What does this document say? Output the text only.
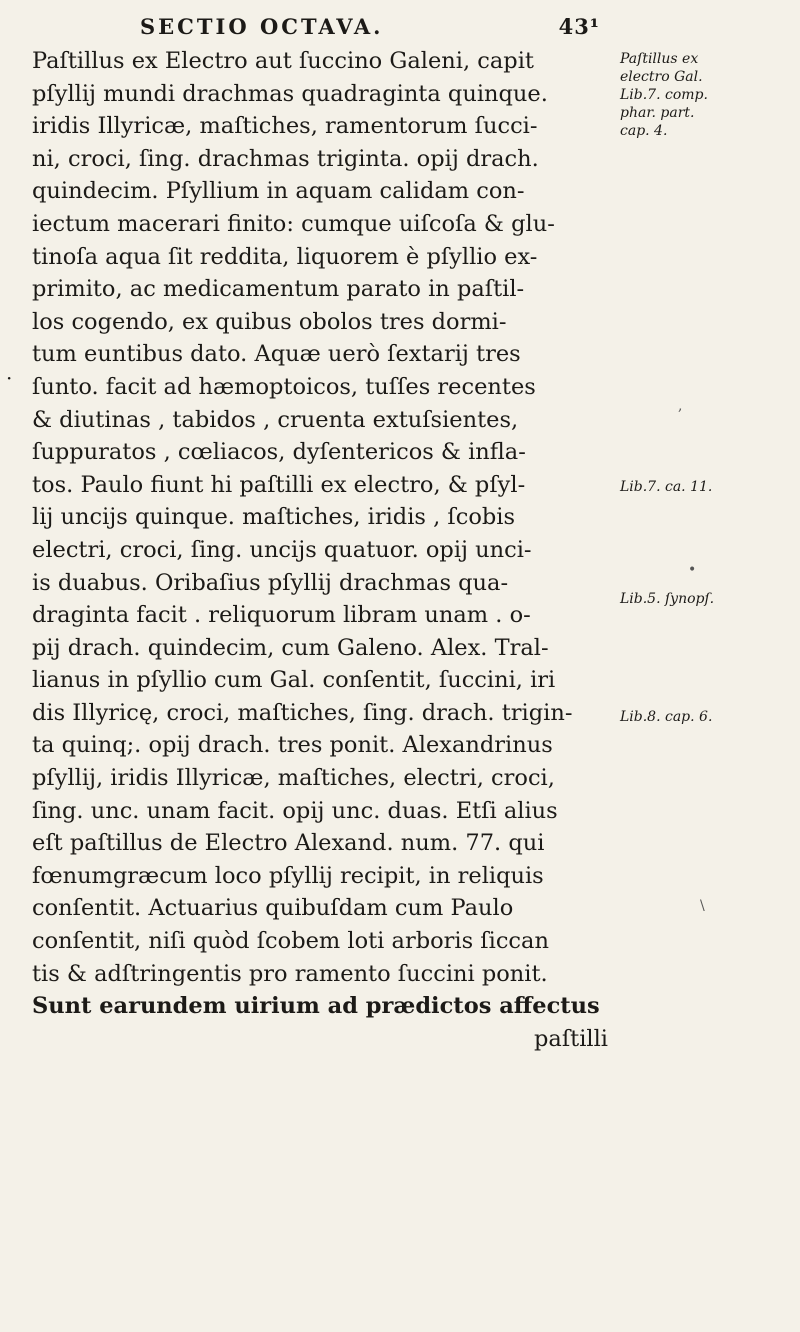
SECTIO OCTAVA.	43¹
Paſtillus ex Electro aut ſuccino Galeni, capit
pſyllij mundi drachmas quadraginta quinque.
iridis Illyricæ, maſtiches, ramentorum ſucci-
ni, croci, ſing. drachmas triginta. opij drach.
quindecim. Pſyllium in aquam calidam con-
iectum macerari finito: cumque uiſcoſa & glu-
tinoſa aqua ſit reddita, liquorem è pſyllio ex-
primito, ac medicamentum parato in paſtil-
los cogendo, ex quibus obolos tres dormi-
tum euntibus dato. Aquæ uerò ſextarij tres
ſunto. facit ad hæmoptoicos, tuſſes recentes
& diutinas , tabidos , cruenta extuſsientes,
ſuppuratos , cœliacos, dyſentericos & infla-
tos. Paulo fiunt hi paſtilli ex electro, & pſyl-
lij uncijs quinque. maſtiches, iridis , ſcobis
electri, croci, ſing. uncijs quatuor. opij unci-
is duabus. Oribaſius pſyllij drachmas qua-
draginta facit . reliquorum libram unam . o-
pij drach. quindecim, cum Galeno. Alex. Tral-
lianus in pſyllio cum Gal. conſentit, ſuccini, iri
dis Illyricę, croci, maſtiches, ſing. drach. trigin-
ta quinq;. opij drach. tres ponit. Alexandrinus
pſyllij, iridis Illyricæ, maſtiches, electri, croci,
ſing. unc. unam facit. opij unc. duas. Etſi alius
eſt paſtillus de Electro Alexand. num. 77. qui
fœnumgræcum loco pſyllij recipit, in reliquis
conſentit. Actuarius quibuſdam cum Paulo
conſentit, niſi quòd ſcobem loti arboris ſiccan
tis & adſtringentis pro ramento ſuccini ponit.
Sunt earundem uirium ad prædictos affectus
paſtilli
Paſtillus ex
electro Gal.
Lib.7. comp.
phar. part.
cap. 4.
Lib.7. ca. 11.
Lib.5. ſynopſ.
Lib.8. cap. 6.
·
,
•
\
